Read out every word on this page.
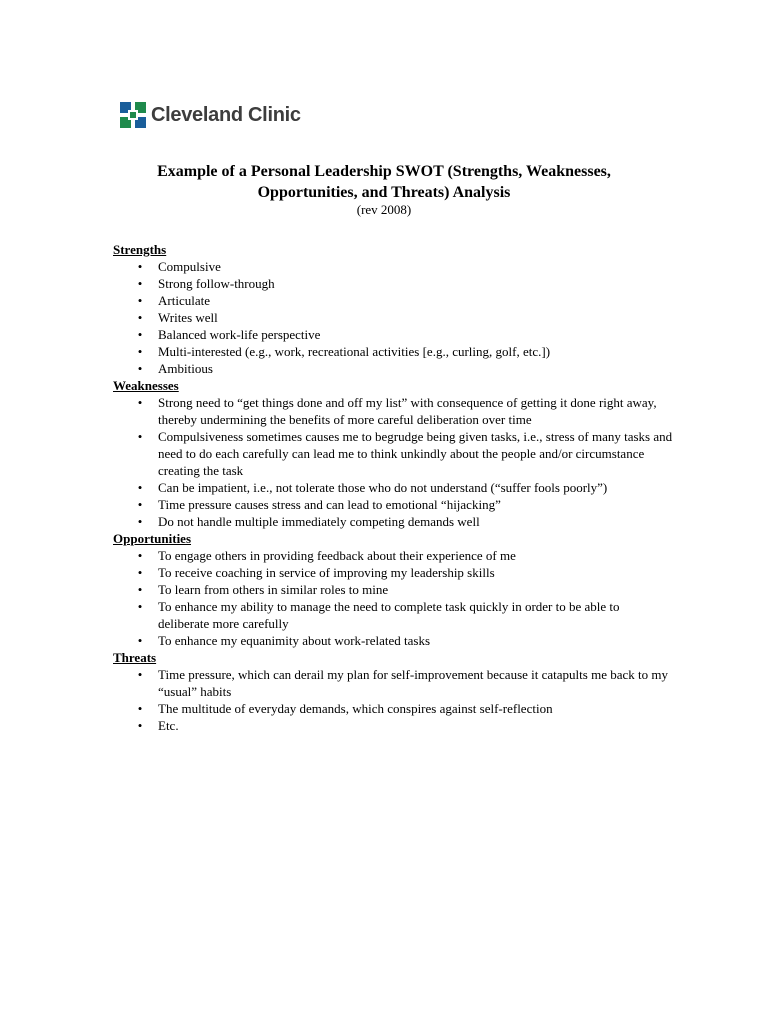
Cleveland Clinic
Example of a Personal Leadership SWOT (Strengths, Weaknesses, Opportunities, and Threats) Analysis
(rev 2008)
Strengths
• Compulsive
• Strong follow-through
• Articulate
• Writes well
• Balanced work-life perspective
• Multi-interested (e.g., work, recreational activities [e.g., curling, golf, etc.])
• Ambitious
Weaknesses
• Strong need to “get things done and off my list” with consequence of getting it done right away, thereby undermining the benefits of more careful deliberation over time
• Compulsiveness sometimes causes me to begrudge being given tasks, i.e., stress of many tasks and need to do each carefully can lead me to think unkindly about the people and/or circumstance creating the task
• Can be impatient, i.e., not tolerate those who do not understand (“suffer fools poorly”)
• Time pressure causes stress and can lead to emotional “hijacking”
• Do not handle multiple immediately competing demands well
Opportunities
• To engage others in providing feedback about their experience of me
• To receive coaching in service of improving my leadership skills
• To learn from others in similar roles to mine
• To enhance my ability to manage the need to complete task quickly in order to be able to deliberate more carefully
• To enhance my equanimity about work-related tasks
Threats
• Time pressure, which can derail my plan for self-improvement because it catapults me back to my “usual” habits
• The multitude of everyday demands, which conspires against self-reflection
• Etc.
